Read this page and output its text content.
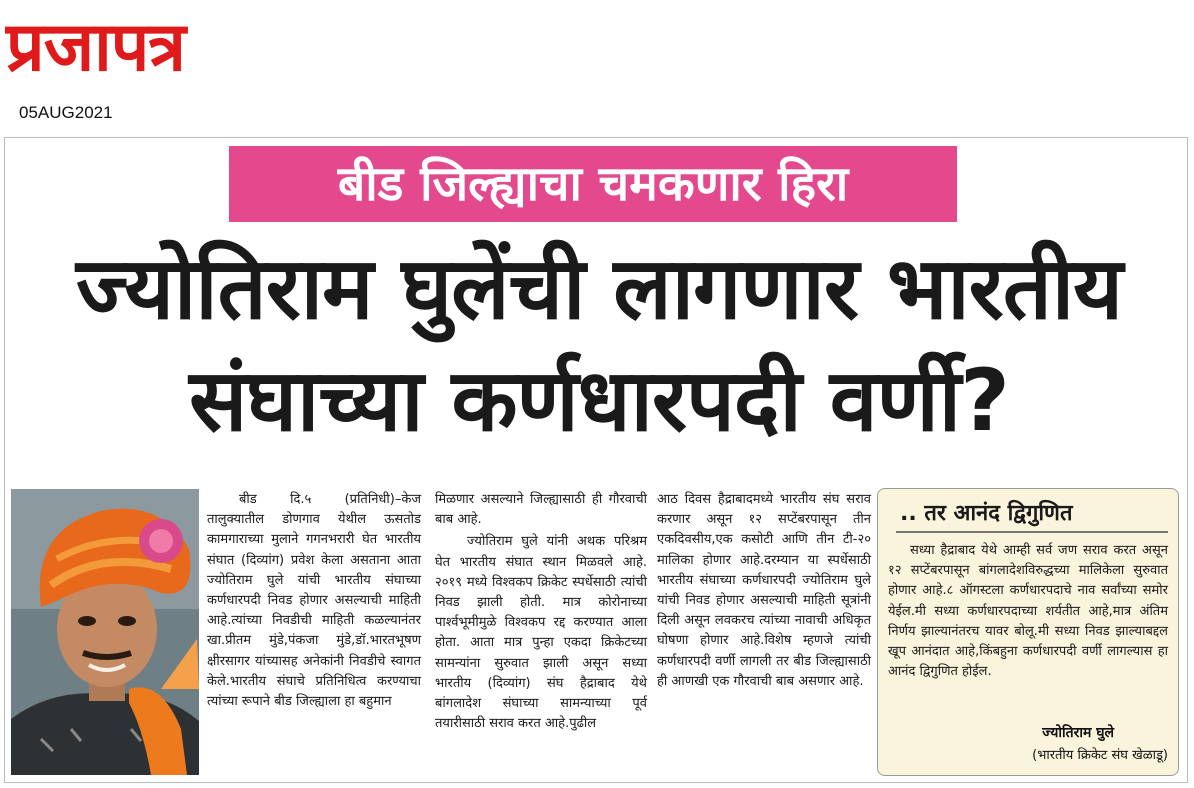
प्रजापत्र
05AUG2021
बीड जिल्ह्याचा चमकणार हिरा
ज्योतिराम घुलेंची लागणार भारतीय
संघाच्या कर्णधारपदी वर्णी?

बीड दि.५ (प्रतिनिधी)–केज तालुक्यातील डोणगाव येथील ऊसतोड कामगाराच्या मुलाने गगनभरारी घेत भारतीय संघात (दिव्यांग) प्रवेश केला असताना आता ज्योतिराम घुले यांची भारतीय संघाच्या कर्णधारपदी निवड होणार असल्याची माहिती आहे.त्यांच्या निवडीची माहिती कळल्यानंतर खा.प्रीतम मुंडे,पंकजा मुंडे,डॉ.भारतभूषण क्षीरसागर यांच्यासह अनेकांनी निवडीचे स्वागत केले.भारतीय संघाचे प्रतिनिधित्व करण्याचा त्यांच्या रूपाने बीड जिल्ह्याला हा बहुमान

मिळणार असल्याने जिल्ह्यासाठी ही गौरवाची बाब आहे.

ज्योतिराम घुले यांनी अथक परिश्रम घेत भारतीय संघात स्थान मिळवले आहे. २०१९ मध्ये विश्वकप क्रिकेट स्पर्धेसाठी त्यांची निवड झाली होती. मात्र कोरोनाच्या पार्श्वभूमीमुळे विश्वकप रद्द करण्यात आला होता. आता मात्र पुन्हा एकदा क्रिकेटच्या सामन्यांना सुरुवात झाली असून सध्या भारतीय (दिव्यांग) संघ हैद्राबाद येथे बांगलादेश संघाच्या सामन्याच्या पूर्व तयारीसाठी सराव करत आहे.पुढील

आठ दिवस हैद्राबादमध्ये भारतीय संघ सराव करणार असून १२ सप्टेंबरपासून तीन एकदिवसीय,एक कसोटी आणि तीन टी-२० मालिका होणार आहे.दरम्यान या स्पर्धेसाठी भारतीय संघाच्या कर्णधारपदी ज्योतिराम घुले यांची निवड होणार असल्याची माहिती सूत्रांनी दिली असून लवकरच त्यांच्या नावाची अधिकृत घोषणा होणार आहे.विशेष म्हणजे त्यांची कर्णधारपदी वर्णी लागली तर बीड जिल्ह्यासाठी ही आणखी एक गौरवाची बाब असणार आहे.

.. तर आनंद द्विगुणित
सध्या हैद्राबाद येथे आम्ही सर्व जण सराव करत असून १२ सप्टेंबरपासून बांगलादेशविरुद्धच्या मालिकेला सुरुवात होणार आहे.८ ऑगस्टला कर्णधारपदाचे नाव सर्वांच्या समोर येईल.मी सध्या कर्णधारपदाच्या शर्यतीत आहे,मात्र अंतिम निर्णय झाल्यानंतरच यावर बोलू.मी सध्या निवड झाल्याबद्दल खूप आनंदात आहे,किंबहुना कर्णधारपदी वर्णी लागल्यास हा आनंद द्विगुणित होईल.
ज्योतिराम घुले
(भारतीय क्रिकेट संघ खेळाडू)
